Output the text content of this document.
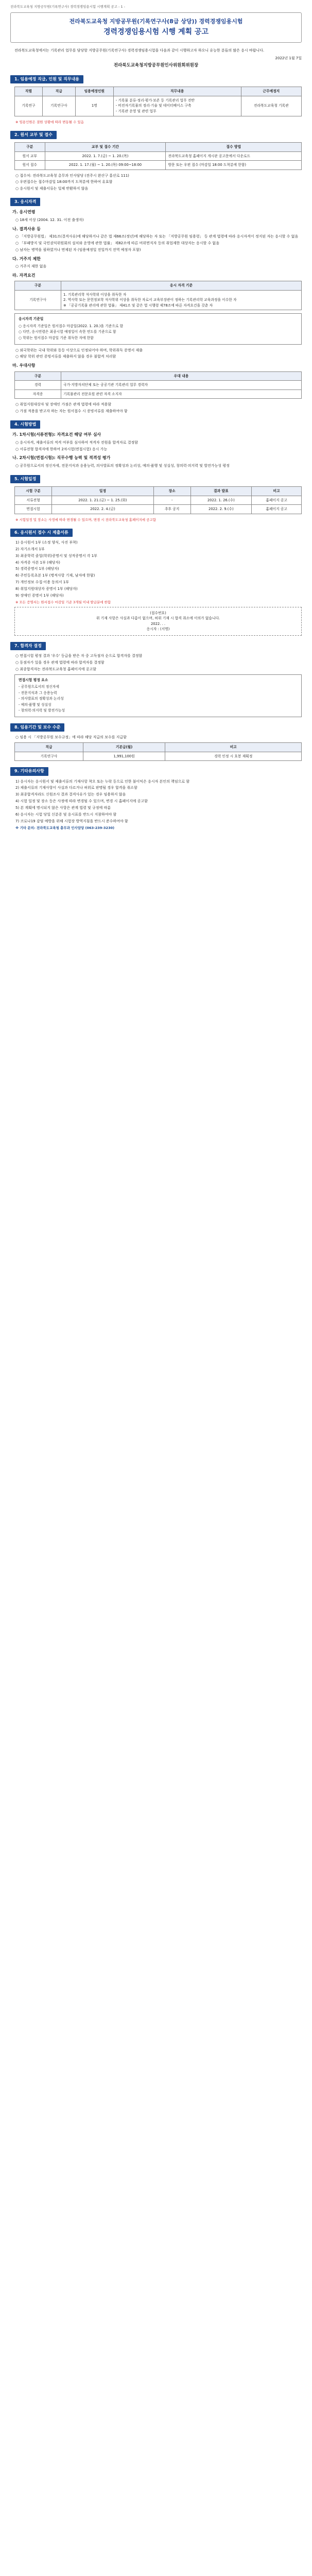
전라북도교육청 지방공무원(기록연구사) 경력경쟁임용시험 시행계획 공고 - 1 -
전라북도교육청 지방공무원(기록연구사(8급 상당)) 경력경쟁임용시험
경력경쟁임용시험 시행 계획 공고
전라북도교육청에서는 기록관리 업무를 담당할 지방공무원(기록연구사) 경력경쟁임용시험을 다음과 같이 시행하고자 하오니 유능한 분들의 많은 응시 바랍니다.
2022년 1월 7일
전라북도교육청지방공무원인사위원회위원장
1. 임용예정 직급, 인원 및 직무내용
직렬	직급	임용예정인원	직무내용	근무예정지
기록연구	기록연구사	1명	- 기록물 분류·정리·평가·보존 등 기록관리 업무 전반
- 비전자기록물의 정리·기술 및 데이터베이스 구축
- 기록관 운영 및 관련 업무	전라북도교육청 기록관
※ 임용인원은 결원 상황에 따라 변동될 수 있음
2. 원서 교부 및 접수
구분	교부 및 접수 기간	접수 방법
원서 교부	2022. 1. 7.(금) ~ 1. 20.(목)	전라북도교육청 홈페이지 게시판 공고문에서 다운로드
원서 접수	2022. 1. 17.(월) ~ 1. 20.(목) 09:00~18:00	방문 또는 우편 접수 (마감일 18:00 도착분에 한함)
○ 접수처: 전라북도교육청 총무과 인사담당 (전주시 완산구 홍산로 111)
○ 우편접수는 접수마감일 18:00까지 도착분에 한하여 유효함
○ 응시원서 및 제출서류는 일체 반환하지 않음
3. 응시자격
가. 응시연령
○ 18세 이상 (2004. 12. 31. 이전 출생자)
나. 결격사유 등
○ 「지방공무원법」 제31조(결격사유)에 해당하거나 같은 법 제66조(정년)에 해당하는 자 또는 「지방공무원 임용령」 등 관계 법령에 따라 응시자격이 정지된 자는 응시할 수 없음
○ 「부패방지 및 국민권익위원회의 설치와 운영에 관한 법률」 제82조에 따른 비위면직자 등의 취업제한 대상자는 응시할 수 없음
○ 남자는 병역을 필하였거나 면제된 자 (임용예정일 전일까지 전역 예정자 포함)
다. 거주지 제한
○ 거주지 제한 없음
라. 자격요건
구분	응시 자격 기준
기록연구사	1. 기록관리학 석사학위 이상을 취득한 자
2. 역사학 또는 문헌정보학 석사학위 이상을 취득한 자로서 교육부장관이 정하는 기록관리학 교육과정을 이수한 자
※ 「공공기록물 관리에 관한 법률」 제41조 및 같은 법 시행령 제78조에 따른 자격요건을 갖춘 자
응시자격 기준일
○ 응시자격 기준일은 원서접수 마감일(2022. 1. 20.)을 기준으로 함
○ 다만, 응시연령은 최종시험 예정일이 속한 연도를 기준으로 함
○ 학위는 원서접수 마감일 기준 취득한 자에 한함
○ 외국학위는 국내 학위와 동등 이상으로 인정되어야 하며, 학위취득 증명서 제출
○ 해당 학위 관련 증빙서류를 제출하지 않을 경우 불합격 처리함
마. 우대사항
구분	우대 내용
경력	국가·지방자치단체 또는 공공기관 기록관리 업무 경력자
자격증	기록물관리 전문요원 관련 자격 소지자
○ 취업지원대상자 및 장애인 가점은 관계 법령에 따라 적용함
○ 가점 적용을 받고자 하는 자는 원서접수 시 증빙서류를 제출하여야 함
4. 시험방법
가. 1차시험(서류전형): 자격요건 해당 여부 심사
○ 응시자격, 제출서류의 적격 여부를 심사하여 적격자 전원을 합격자로 결정함
○ 서류전형 합격자에 한하여 2차시험(면접시험) 응시 가능
나. 2차시험(면접시험): 직무수행 능력 및 적격성 평가
○ 공무원으로서의 정신자세, 전문지식과 응용능력, 의사발표의 정확성과 논리성, 예의·품행 및 성실성, 창의력·의지력 및 발전가능성 평정
5. 시험일정
시험 구분	일정	장소	결과 발표	비고
서류전형	2022. 1. 21.(금) ~ 1. 25.(화)	-	2022. 1. 26.(수)	홈페이지 공고
면접시험	2022. 2. 4.(금)	추후 공지	2022. 2. 9.(수)	홈페이지 공고
※ 시험일정 및 장소는 사정에 따라 변경될 수 있으며, 변경 시 전라북도교육청 홈페이지에 공고함
6. 응시원서 접수 시 제출서류
1) 응시원서 1부 (소정 양식, 사진 부착)
2) 자기소개서 1부
3) 최종학력 졸업(학위)증명서 및 성적증명서 각 1부
4) 자격증 사본 1부 (해당자)
5) 경력증명서 1부 (해당자)
6) 주민등록초본 1부 (병적사항 기재, 남자에 한함)
7) 개인정보 수집·이용 동의서 1부
8) 취업지원대상자 증명서 1부 (해당자)
9) 장애인 증명서 1부 (해당자)
※ 모든 증명서는 원서접수 마감일 기준 3개월 이내 발급분에 한함
(접수번호)
위 기재 사항은 사실과 다름이 없으며, 허위 기재 시 합격 취소에 이의가 없습니다.
2022. . .
응시자 : (서명)
7. 합격자 결정
○ 면접시험 평정 결과 '우수' 등급을 받은 자 중 고득점자 순으로 합격자를 결정함
○ 동점자가 있을 경우 관계 법령에 따라 합격자를 결정함
○ 최종합격자는 전라북도교육청 홈페이지에 공고함
면접시험 평정 요소
- 공무원으로서의 정신자세
- 전문지식과 그 응용능력
- 의사발표의 정확성과 논리성
- 예의·품행 및 성실성
- 창의력·의지력 및 발전가능성
8. 임용기간 및 보수 수준
○ 임용 시 「지방공무원 보수규정」에 따라 해당 직급의 보수를 지급함
직급	기본급(월)	비고
기록연구사	1,991,100원	경력 인정 시 호봉 재획정
9. 기타유의사항
1) 응시자는 응시원서 및 제출서류의 기재사항 착오 또는 누락 등으로 인한 불이익은 응시자 본인의 책임으로 함
2) 제출서류의 기재사항이 사실과 다르거나 허위로 판명될 경우 합격을 취소함
3) 최종합격자라도 신원조사 결과 결격사유가 있는 경우 임용하지 않음
4) 시험 일정 및 장소 등은 사정에 따라 변경될 수 있으며, 변경 시 홈페이지에 공고함
5) 본 계획에 명시되지 않은 사항은 관계 법령 및 규정에 따름
6) 응시자는 시험 당일 신분증 및 응시표를 반드시 지참하여야 함
7) 코로나19 감염 예방을 위해 시험장 방역지침을 반드시 준수하여야 함
※ 기타 문의: 전라북도교육청 총무과 인사담당 (063-239-3230)
